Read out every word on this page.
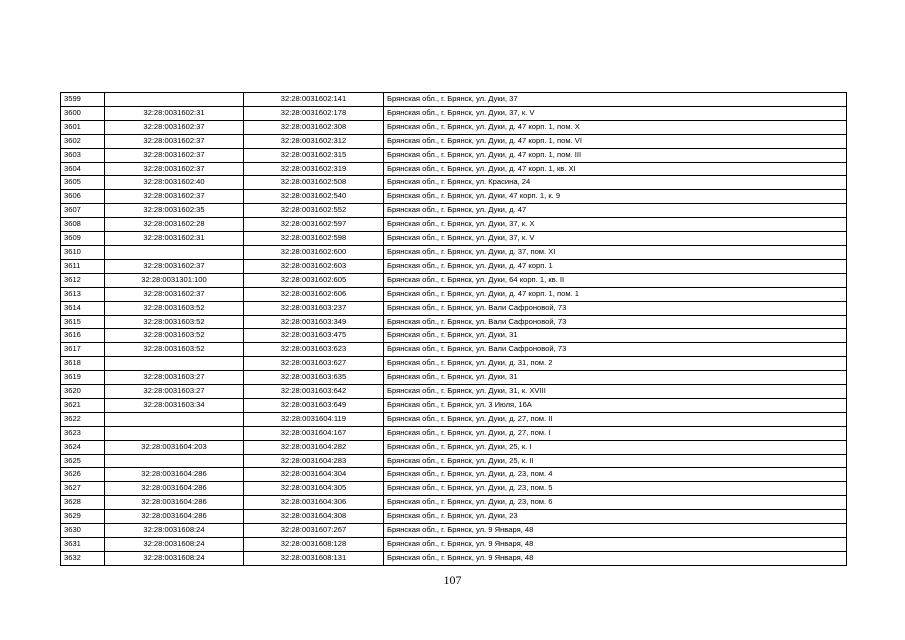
3599		32:28:0031602:141	Брянская обл., г. Брянск, ул. Дуки, 37
3600	32:28:0031602:31	32:28:0031602:178	Брянская обл., г. Брянск, ул. Дуки, 37, к. V
3601	32:28:0031602:37	32:28:0031602:308	Брянская обл., г. Брянск, ул. Дуки, д. 47 корп. 1, пом. X
3602	32:28:0031602:37	32:28:0031602:312	Брянская обл., г. Брянск, ул. Дуки, д. 47 корп. 1, пом. VI
3603	32:28:0031602:37	32:28:0031602:315	Брянская обл., г. Брянск, ул. Дуки, д. 47 корп. 1, пом. III
3604	32:28:0031602:37	32:28:0031602:319	Брянская обл., г. Брянск, ул. Дуки, д. 47 корп. 1, кв. XI
3605	32:28:0031602:40	32:28:0031602:508	Брянская обл., г. Брянск, ул. Красина, 24
3606	32:28:0031602:37	32:28:0031602:540	Брянская обл., г. Брянск, ул. Дуки, 47 корп. 1, к. 9
3607	32:28:0031602:35	32:28:0031602:552	Брянская обл., г. Брянск, ул. Дуки, д. 47
3608	32:28:0031602:28	32:28:0031602:597	Брянская обл., г. Брянск, ул. Дуки, 37, к. X
3609	32:28:0031602:31	32:28:0031602:598	Брянская обл., г. Брянск, ул. Дуки, 37, к. V
3610		32:28:0031602:600	Брянская обл., г. Брянск, ул. Дуки, д. 37, пом. XI
3611	32:28:0031602:37	32:28:0031602:603	Брянская обл., г. Брянск, ул. Дуки, д. 47 корп. 1
3612	32:28:0031301:100	32:28:0031602:605	Брянская обл., г. Брянск, ул. Дуки, 64 корп. 1, кв. II
3613	32:28:0031602:37	32:28:0031602:606	Брянская обл., г. Брянск, ул. Дуки, д. 47 корп. 1, пом. 1
3614	32:28:0031603:52	32:28:0031603:237	Брянская обл., г. Брянск, ул. Вали Сафроновой, 73
3615	32:28:0031603:52	32:28:0031603:349	Брянская обл., г. Брянск, ул. Вали Сафроновой, 73
3616	32:28:0031603:52	32:28:0031603:475	Брянская обл., г. Брянск, ул. Дуки, 31
3617	32:28:0031603:52	32:28:0031603:623	Брянская обл., г. Брянск, ул. Вали Сафроновой, 73
3618		32:28:0031603:627	Брянская обл., г. Брянск, ул. Дуки, д. 31, пом. 2
3619	32:28:0031603:27	32:28:0031603:635	Брянская обл., г. Брянск, ул. Дуки, 31
3620	32:28:0031603:27	32:28:0031603:642	Брянская обл., г. Брянск, ул. Дуки, 31, к. XVIII
3621	32:28:0031603:34	32:28:0031603:649	Брянская обл., г. Брянск, ул. 3 Июля, 16А
3622		32:28:0031604:119	Брянская обл., г. Брянск, ул. Дуки, д. 27, пом. II
3623		32:28:0031604:167	Брянская обл., г. Брянск, ул. Дуки, д. 27, пом. I
3624	32:28:0031604:203	32:28:0031604:282	Брянская обл., г. Брянск, ул. Дуки, 25, к. I
3625		32:28:0031604:283	Брянская обл., г. Брянск, ул. Дуки, 25, к. II
3626	32:28:0031604:286	32:28:0031604:304	Брянская обл., г. Брянск, ул. Дуки, д. 23, пом. 4
3627	32:28:0031604:286	32:28:0031604:305	Брянская обл., г. Брянск, ул. Дуки, д. 23, пом. 5
3628	32:28:0031604:286	32:28:0031604:306	Брянская обл., г. Брянск, ул. Дуки, д. 23, пом. 6
3629	32:28:0031604:286	32:28:0031604:308	Брянская обл., г. Брянск, ул. Дуки, 23
3630	32:28:0031608:24	32:28:0031607:267	Брянская обл., г. Брянск, ул. 9 Января, 48
3631	32:28:0031608:24	32:28:0031608:128	Брянская обл., г. Брянск, ул. 9 Января, 48
3632	32:28:0031608:24	32:28:0031608:131	Брянская обл., г. Брянск, ул. 9 Января, 48
107
